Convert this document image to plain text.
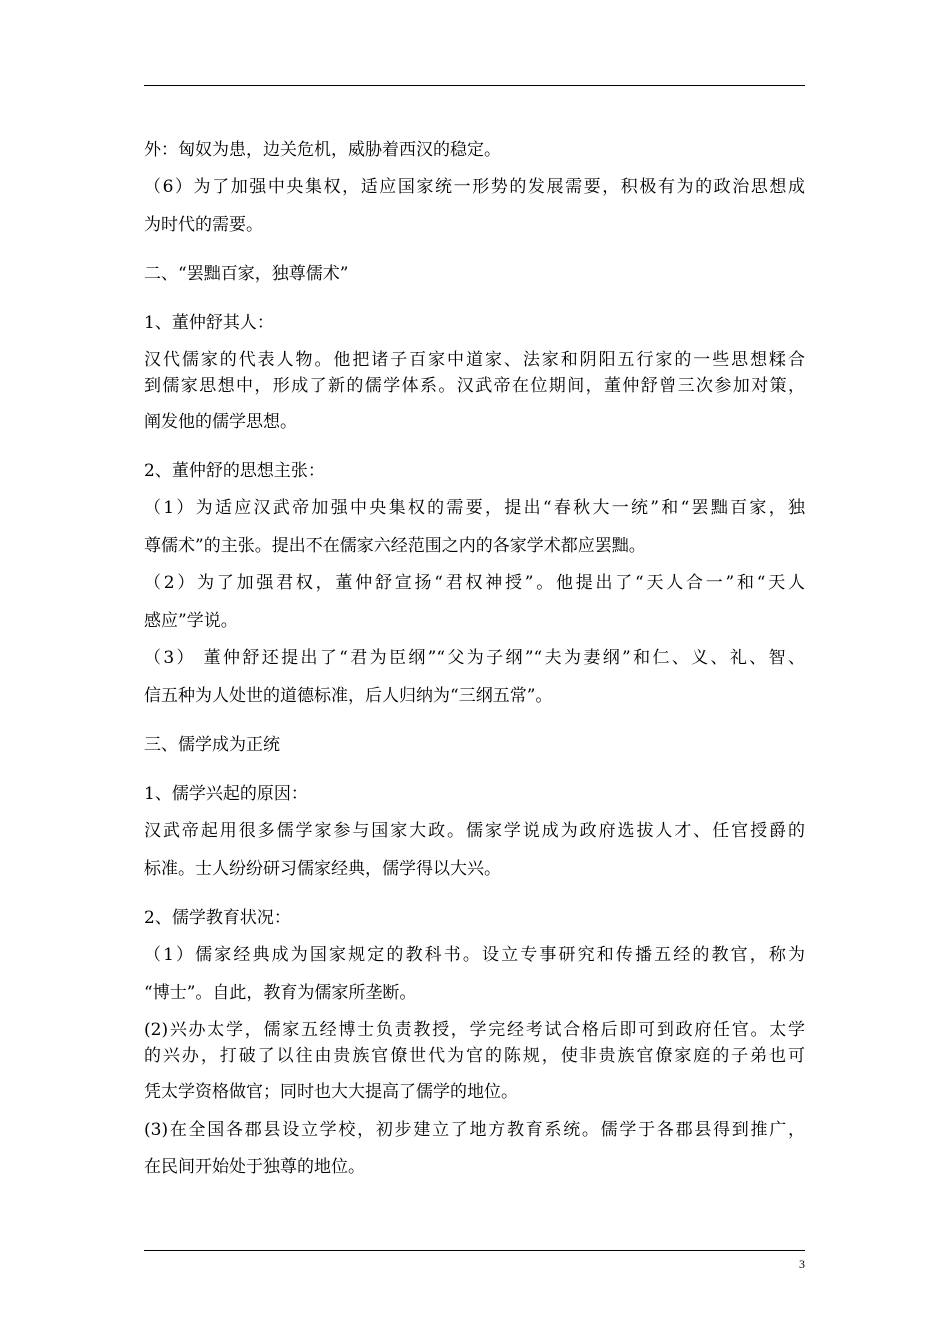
外：匈奴为患，边关危机，威胁着西汉的稳定。
（6）为了加强中央集权，适应国家统一形势的发展需要，积极有为的政治思想成
为时代的需要。
二、“罢黜百家，独尊儒术”
1、董仲舒其人：
汉代儒家的代表人物。他把诸子百家中道家、法家和阴阳五行家的一些思想糅合
到儒家思想中，形成了新的儒学体系。汉武帝在位期间，董仲舒曾三次参加对策，
阐发他的儒学思想。
2、董仲舒的思想主张：
（1）为适应汉武帝加强中央集权的需要，提出“春秋大一统”和“罢黜百家，独
尊儒术”的主张。提出不在儒家六经范围之内的各家学术都应罢黜。
（2）为了加强君权，董仲舒宣扬“君权神授”。他提出了“天人合一”和“天人
感应”学说。
（3） 董仲舒还提出了“君为臣纲”“父为子纲”“夫为妻纲”和仁、义、礼、智、
信五种为人处世的道德标准，后人归纳为“三纲五常”。
三、儒学成为正统
1、儒学兴起的原因：
汉武帝起用很多儒学家参与国家大政。儒家学说成为政府选拔人才、任官授爵的
标准。士人纷纷研习儒家经典，儒学得以大兴。
2、儒学教育状况：
（1）儒家经典成为国家规定的教科书。设立专事研究和传播五经的教官，称为
“博士”。自此，教育为儒家所垄断。
(2)兴办太学，儒家五经博士负责教授，学完经考试合格后即可到政府任官。太学
的兴办，打破了以往由贵族官僚世代为官的陈规，使非贵族官僚家庭的子弟也可
凭太学资格做官；同时也大大提高了儒学的地位。
(3)在全国各郡县设立学校，初步建立了地方教育系统。儒学于各郡县得到推广，
在民间开始处于独尊的地位。
3
